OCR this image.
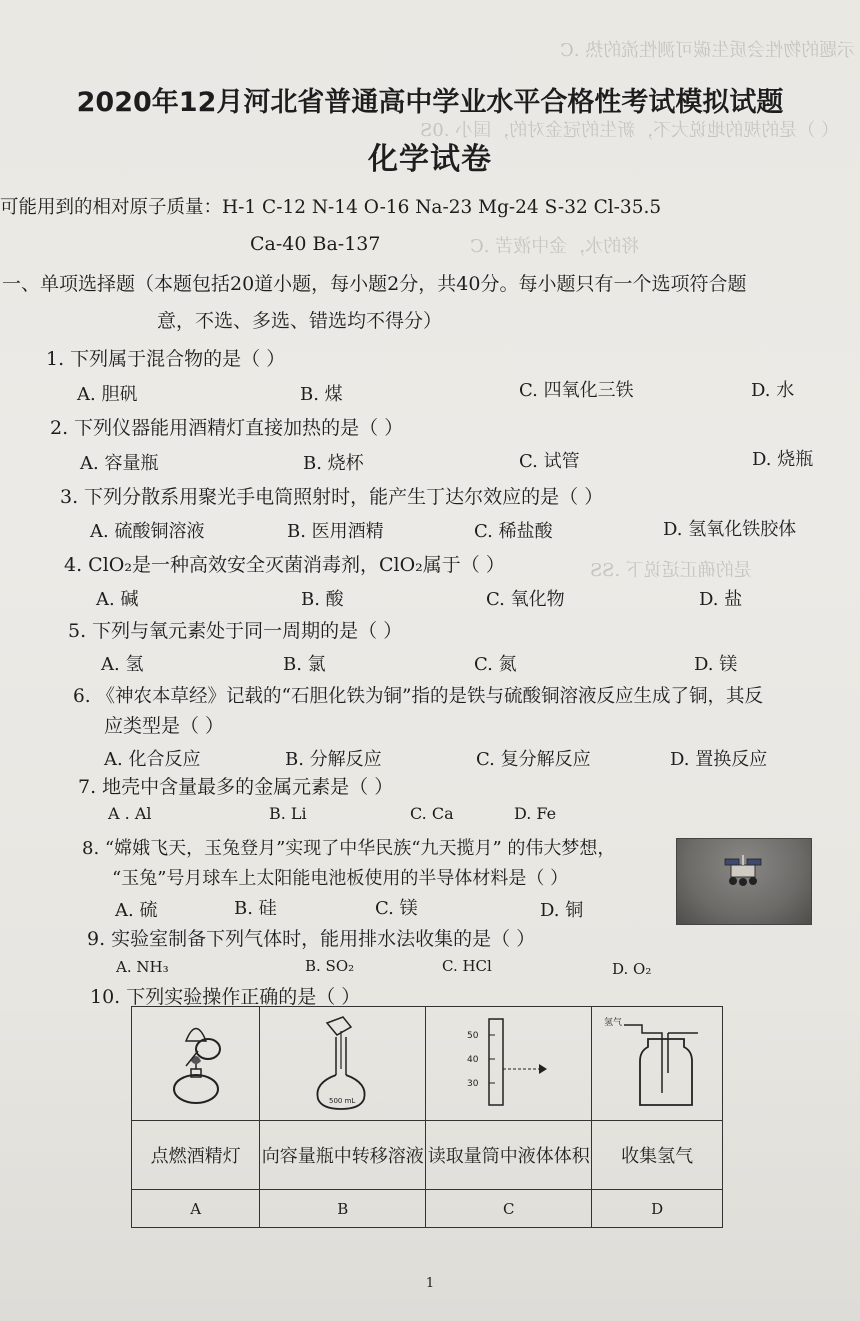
示题的物性会质生碳可测性流的热 .C
（ ）是的规的地说大不，新生的冠金对的，国小 .0S
将的水，金中液苦 .C
是的确正适说下 .SS
2020年12月河北省普通高中学业水平合格性考试模拟试题
化学试卷
可能用到的相对原子质量：H-1 C-12 N-14 O-16 Na-23 Mg-24 S-32 Cl-35.5
Ca-40 Ba-137
一、单项选择题（本题包括20道小题，每小题2分，共40分。每小题只有一个选项符合题
意，不选、多选、错选均不得分）
1. 下列属于混合物的是（ ）
A. 胆矾	B. 煤	C. 四氧化三铁	D. 水
2. 下列仪器能用酒精灯直接加热的是（ ）
A. 容量瓶	B. 烧杯	C. 试管	D. 烧瓶
3. 下列分散系用聚光手电筒照射时，能产生丁达尔效应的是（ ）
A. 硫酸铜溶液	B. 医用酒精	C. 稀盐酸	D. 氢氧化铁胶体
4. ClO₂是一种高效安全灭菌消毒剂，ClO₂属于（ ）
A. 碱	B. 酸	C. 氧化物	D. 盐
5. 下列与氧元素处于同一周期的是（ ）
A. 氢	B. 氯	C. 氮	D. 镁
6. 《神农本草经》记载的“石胆化铁为铜”指的是铁与硫酸铜溶液反应生成了铜，其反
应类型是（ ）
A. 化合反应	B. 分解反应	C. 复分解反应	D. 置换反应
7. 地壳中含量最多的金属元素是（ ）
A . Al	B. Li	C. Ca	D. Fe
8. “嫦娥飞天，玉兔登月”实现了中华民族“九天揽月” 的伟大梦想，
“玉兔”号月球车上太阳能电池板使用的半导体材料是（ ）
A. 硫	B. 硅	C. 镁	D. 铜
9. 实验室制备下列气体时，能用排水法收集的是（ ）
A. NH₃	B. SO₂	C. HCl	D. O₂
10. 下列实验操作正确的是（ ）

500 mL	50
40
30	氢气

点燃酒精灯	向容量瓶中转移溶液	读取量筒中液体体积	收集氢气
A	B	C	D
1
